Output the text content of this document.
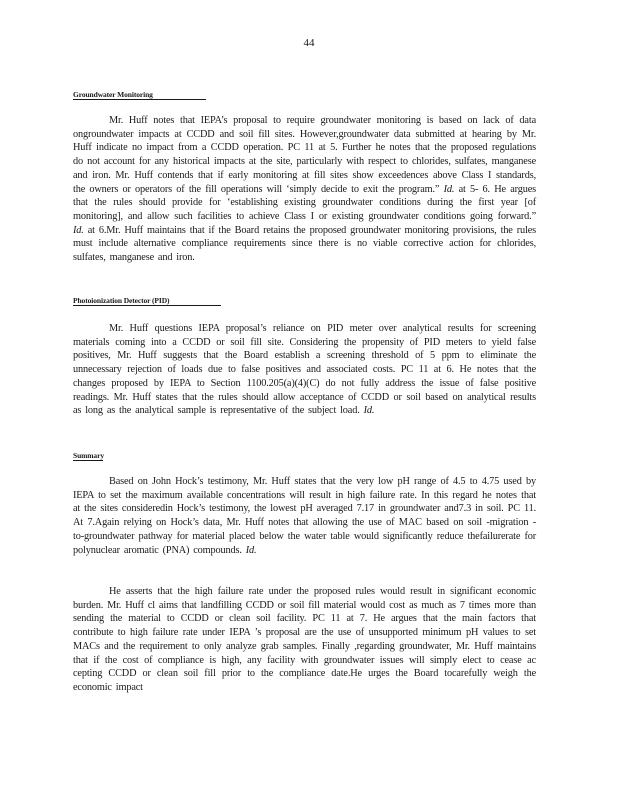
44
Groundwater Monitoring

Mr. Huff notes that IEPA’s proposal to require groundwater monitoring is based on lack of data ongroundwater impacts at CCDD and soil fill sites. However,groundwater data submitted at hearing by Mr. Huff indicate no impact from a CCDD operation. PC 11 at 5. Further he notes that the proposed regulations do not account for any historical impacts at the site, particularly with respect to chlorides, sulfates, manganese and iron. Mr. Huff contends that if early monitoring at fill sites show exceedences above Class I standards, the owners or operators of the fill operations will ‘simply decide to exit the program.” Id. at 5- 6. He argues that the rules should provide for ‘establishing existing groundwater conditions during the first year [of monitoring], and allow such facilities to achieve Class I or existing groundwater conditions going forward.” Id. at 6.Mr. Huff maintains that if the Board retains the proposed groundwater monitoring provisions, the rules must include alternative compliance requirements since there is no viable corrective action for chlorides, sulfates, manganese and iron.

Photoionization Detector (PID)

Mr. Huff questions IEPA proposal’s reliance on PID meter over analytical results for screening materials coming into a CCDD or soil fill site. Considering the propensity of PID meters to yield false positives, Mr. Huff suggests that the Board establish a screening threshold of 5 ppm to eliminate the unnecessary rejection of loads due to false positives and associated costs. PC 11 at 6. He notes that the changes proposed by IEPA to Section 1100.205(a)(4)(C) do not fully address the issue of false positive readings. Mr. Huff states that the rules should allow acceptance of CCDD or soil based on analytical results as long as the analytical sample is representative of the subject load. Id.

Summary

Based on John Hock’s testimony, Mr. Huff states that the very low pH range of 4.5 to 4.75 used by IEPA to set the maximum available concentrations will result in high failure rate. In this regard he notes that at the sites consideredin Hock’s testimony, the lowest pH averaged 7.17 in groundwater and7.3 in soil. PC 11. At 7.Again relying on Hock’s data, Mr. Huff notes that allowing the use of MAC based on soil -migration -to-groundwater pathway for material placed below the water table would significantly reduce thefailurerate for polynuclear aromatic (PNA) compounds. Id.

He asserts that the high failure rate under the proposed rules would result in significant economic burden. Mr. Huff cl aims that landfilling CCDD or soil fill material would cost as much as 7 times more than sending the material to CCDD or clean soil facility. PC 11 at 7. He argues that the main factors that contribute to high failure rate under IEPA ’s proposal are the use of unsupported minimum pH values to set MACs and the requirement to only analyze grab samples. Finally ,regarding groundwater, Mr. Huff maintains that if the cost of compliance is high, any facility with groundwater issues will simply elect to cease ac cepting CCDD or clean soil fill prior to the compliance date.He urges the Board tocarefully weigh the economic impact
